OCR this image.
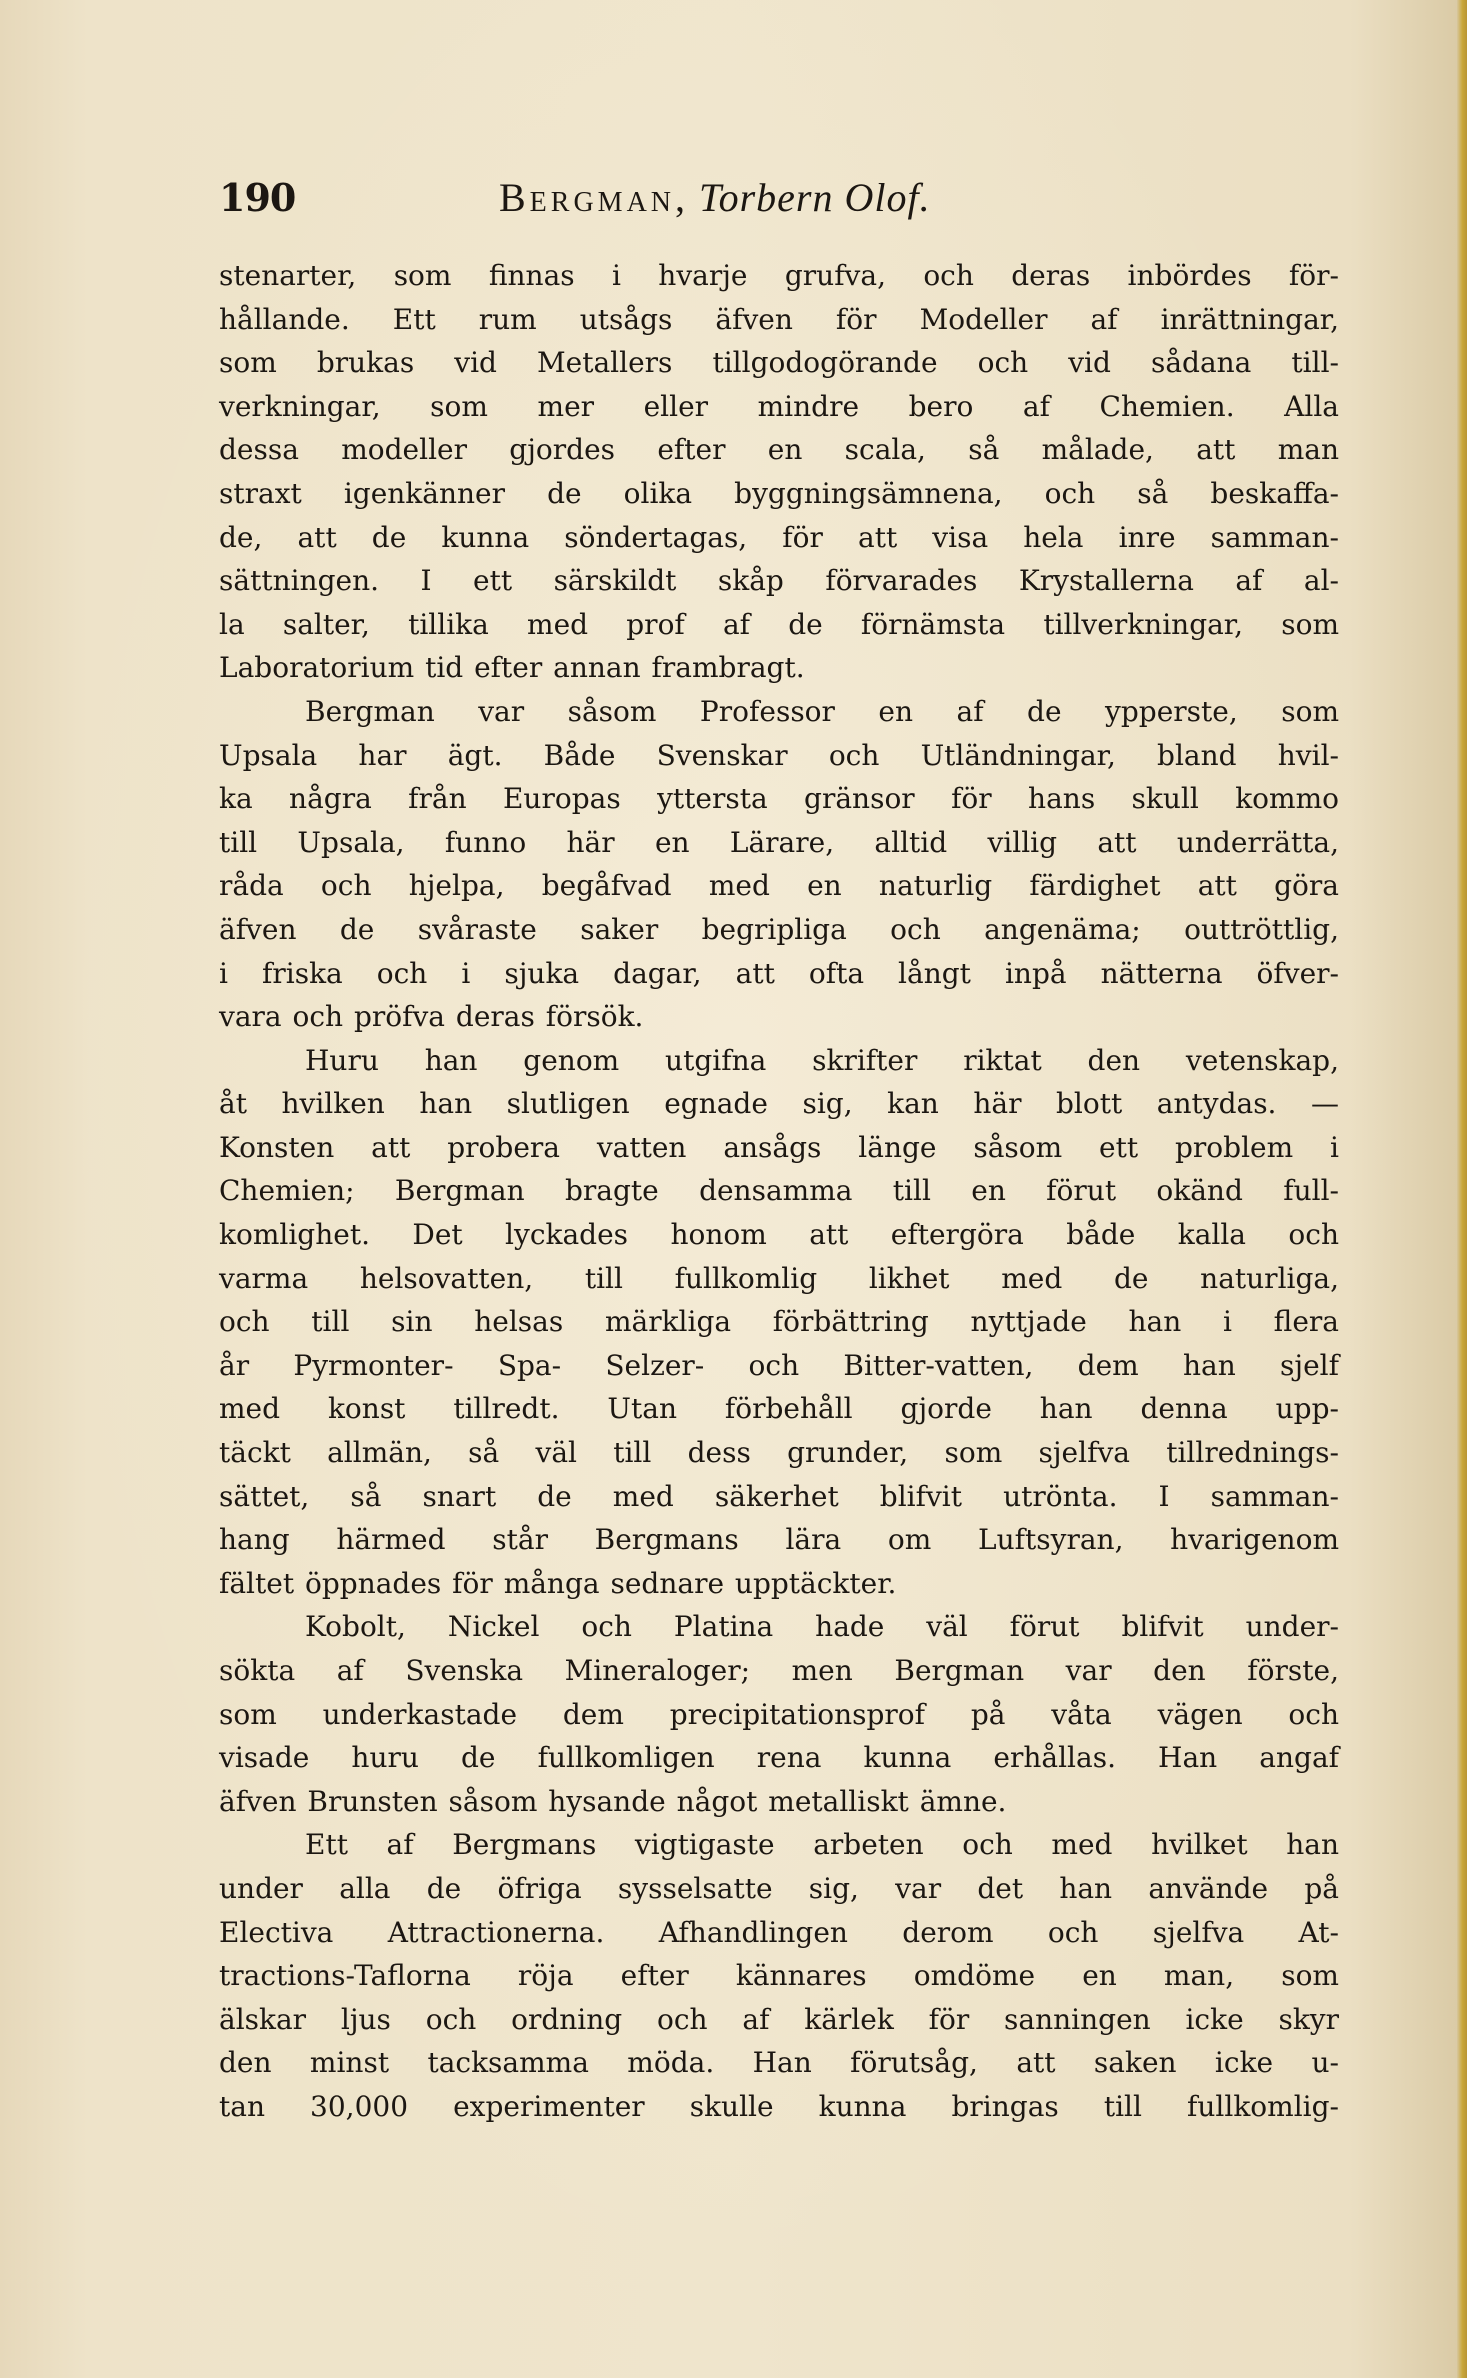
190	Bergman, Torbern Olof.
stenarter, som finnas i hvarje grufva, och deras inbördes för-
hållande. Ett rum utsågs äfven för Modeller af inrättningar,
som brukas vid Metallers tillgodogörande och vid sådana till-
verkningar, som mer eller mindre bero af Chemien. Alla
dessa modeller gjordes efter en scala, så målade, att man
straxt igenkänner de olika byggningsämnena, och så beskaffa-
de, att de kunna söndertagas, för att visa hela inre samman-
sättningen. I ett särskildt skåp förvarades Krystallerna af al-
la salter, tillika med prof af de förnämsta tillverkningar, som
Laboratorium tid efter annan frambragt.
Bergman var såsom Professor en af de ypperste, som
Upsala har ägt. Både Svenskar och Utländningar, bland hvil-
ka några från Europas yttersta gränsor för hans skull kommo
till Upsala, funno här en Lärare, alltid villig att underrätta,
råda och hjelpa, begåfvad med en naturlig färdighet att göra
äfven de svåraste saker begripliga och angenäma; outtröttlig,
i friska och i sjuka dagar, att ofta långt inpå nätterna öfver-
vara och pröfva deras försök.
Huru han genom utgifna skrifter riktat den vetenskap,
åt hvilken han slutligen egnade sig, kan här blott antydas. —
Konsten att probera vatten ansågs länge såsom ett problem i
Chemien; Bergman bragte densamma till en förut okänd full-
komlighet. Det lyckades honom att eftergöra både kalla och
varma helsovatten, till fullkomlig likhet med de naturliga,
och till sin helsas märkliga förbättring nyttjade han i flera
år Pyrmonter- Spa- Selzer- och Bitter-vatten, dem han sjelf
med konst tillredt. Utan förbehåll gjorde han denna upp-
täckt allmän, så väl till dess grunder, som sjelfva tillrednings-
sättet, så snart de med säkerhet blifvit utrönta. I samman-
hang härmed står Bergmans lära om Luftsyran, hvarigenom
fältet öppnades för många sednare upptäckter.
Kobolt, Nickel och Platina hade väl förut blifvit under-
sökta af Svenska Mineraloger; men Bergman var den förste,
som underkastade dem precipitationsprof på våta vägen och
visade huru de fullkomligen rena kunna erhållas. Han angaf
äfven Brunsten såsom hysande något metalliskt ämne.
Ett af Bergmans vigtigaste arbeten och med hvilket han
under alla de öfriga sysselsatte sig, var det han använde på
Electiva Attractionerna. Afhandlingen derom och sjelfva At-
tractions-Taflorna röja efter kännares omdöme en man, som
älskar ljus och ordning och af kärlek för sanningen icke skyr
den minst tacksamma möda. Han förutsåg, att saken icke u-
tan 30,000 experimenter skulle kunna bringas till fullkomlig-
